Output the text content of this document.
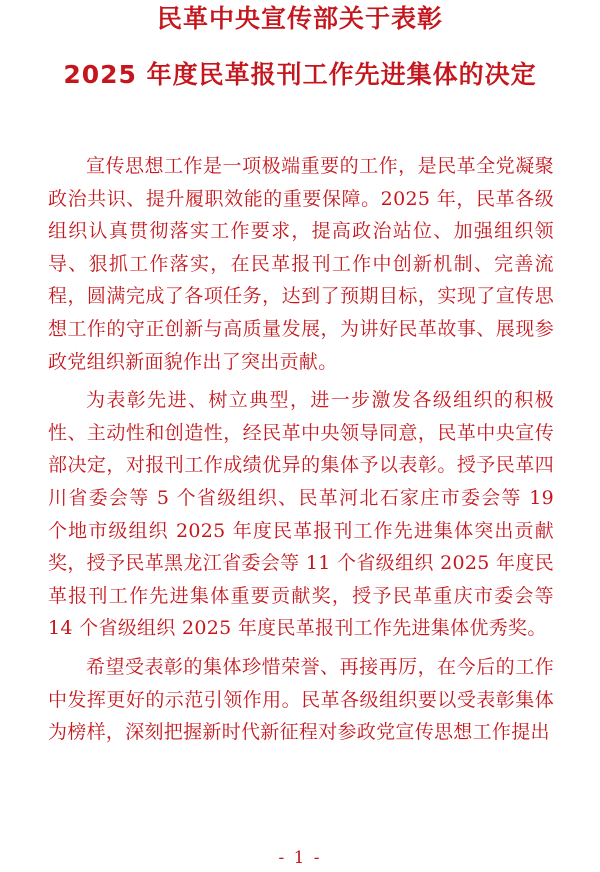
民革中央宣传部关于表彰
2025 年度民革报刊工作先进集体的决定

宣传思想工作是一项极端重要的工作，是民革全党凝聚政治共识、提升履职效能的重要保障。2025 年，民革各级组织认真贯彻落实工作要求，提高政治站位、加强组织领导、狠抓工作落实，在民革报刊工作中创新机制、完善流程，圆满完成了各项任务，达到了预期目标，实现了宣传思想工作的守正创新与高质量发展，为讲好民革故事、展现参政党组织新面貌作出了突出贡献。

为表彰先进、树立典型，进一步激发各级组织的积极性、主动性和创造性，经民革中央领导同意，民革中央宣传部决定，对报刊工作成绩优异的集体予以表彰。授予民革四川省委会等 5 个省级组织、民革河北石家庄市委会等 19 个地市级组织 2025 年度民革报刊工作先进集体突出贡献奖，授予民革黑龙江省委会等 11 个省级组织 2025 年度民革报刊工作先进集体重要贡献奖，授予民革重庆市委会等 14 个省级组织 2025 年度民革报刊工作先进集体优秀奖。

希望受表彰的集体珍惜荣誉、再接再厉，在今后的工作中发挥更好的示范引领作用。民革各级组织要以受表彰集体为榜样，深刻把握新时代新征程对参政党宣传思想工作提出

- 1 -
